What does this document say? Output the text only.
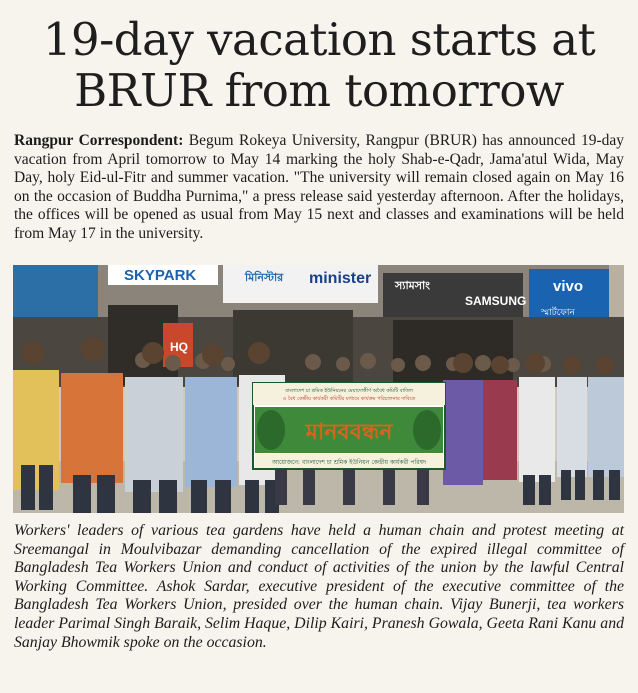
19-day vacation starts at
BRUR from tomorrow
Rangpur Correspondent: Begum Rokeya University, Rangpur (BRUR) has announced 19-day vacation from April tomorrow to May 14 marking the holy Shab-e-Qadr, Jama'atul Wida, May Day, holy Eid-ul-Fitr and summer vacation. "The university will remain closed again on May 16 on the occasion of Buddha Purnima," a press release said yesterday afternoon. After the holidays, the offices will be opened as usual from May 15 next and classes and examinations will be held from May 17 in the university.
SKYPARK	মিনিস্টার minister স্যামসাং
SAMSUNG
vivo
স্মার্টফোন
HQ
বাংলাদেশ চা শ্রমিক ইউনিয়নের মেয়াদোত্তীর্ণ অবৈধ কমিটি বাতিল
ও বৈধ কেন্দ্রীয় কার্যকরী কমিটির মাধ্যমে কার্যক্রম পরিচালনার দাবিতে
মানববন্ধন
আয়োজনে: বাংলাদেশ চা শ্রমিক ইউনিয়ন কেন্দ্রীয় কার্যকরী পরিষদ
Workers' leaders of various tea gardens have held a human chain and protest meeting at Sreemangal in Moulvibazar demanding cancellation of the expired illegal committee of Bangladesh Tea Workers Union and conduct of activities of the union by the lawful Central Working Committee. Ashok Sardar, executive president of the executive committee of the Bangladesh Tea Workers Union, presided over the human chain. Vijay Bunerji, tea workers leader Parimal Singh Baraik, Selim Haque, Dilip Kairi, Pranesh Gowala, Geeta Rani Kanu and Sanjay Bhowmik spoke on the occasion.
